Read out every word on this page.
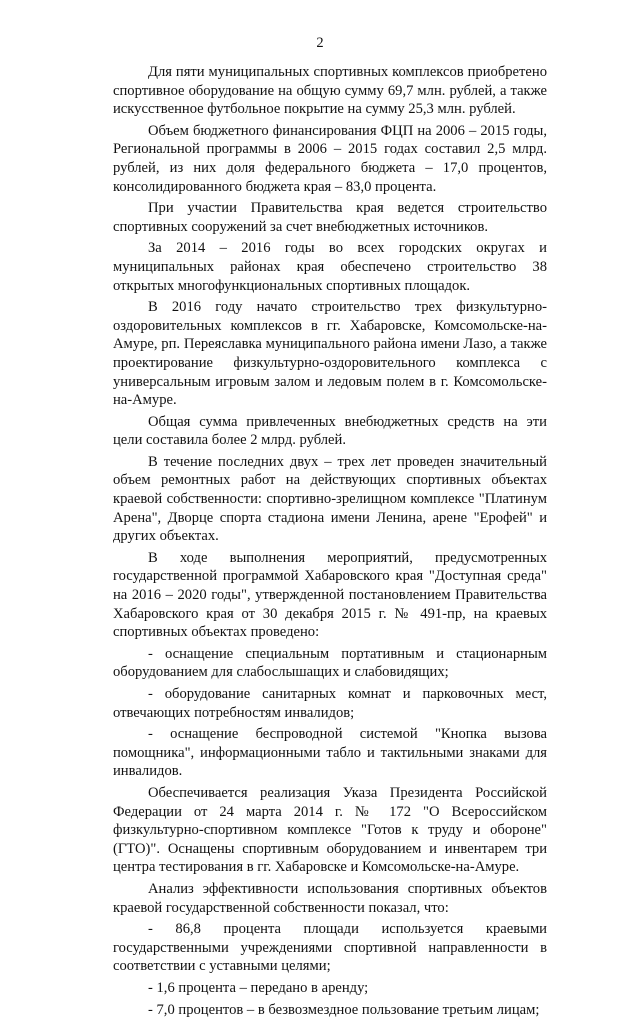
2

Для пяти муниципальных спортивных комплексов приобретено спортивное оборудование на общую сумму 69,7 млн. рублей, а также искусственное футбольное покрытие на сумму 25,3 млн. рублей.

Объем бюджетного финансирования ФЦП на 2006 – 2015 годы, Региональной программы в 2006 – 2015 годах составил 2,5 млрд. рублей, из них доля федерального бюджета – 17,0 процентов, консолидированного бюджета края – 83,0 процента.

При участии Правительства края ведется строительство спортивных сооружений за счет внебюджетных источников.

За 2014 – 2016 годы во всех городских округах и муниципальных районах края обеспечено строительство 38 открытых многофункциональных спортивных площадок.

В 2016 году начато строительство трех физкультурно-оздоровительных комплексов в гг. Хабаровске, Комсомольске-на-Амуре, рп. Переяславка муниципального района имени Лазо, а также проектирование физкультурно-оздоровительного комплекса с универсальным игровым залом и ледовым полем в г. Комсомольске-на-Амуре.

Общая сумма привлеченных внебюджетных средств на эти цели составила более 2 млрд. рублей.

В течение последних двух – трех лет проведен значительный объем ремонтных работ на действующих спортивных объектах краевой собственности: спортивно-зрелищном комплексе "Платинум Арена", Дворце спорта стадиона имени Ленина, арене "Ерофей" и других объектах.

В ходе выполнения мероприятий, предусмотренных государственной программой Хабаровского края "Доступная среда" на 2016 – 2020 годы", утвержденной постановлением Правительства Хабаровского края от 30 декабря 2015 г. № 491-пр, на краевых спортивных объектах проведено:

- оснащение специальным портативным и стационарным оборудованием для слабослышащих и слабовидящих;

- оборудование санитарных комнат и парковочных мест, отвечающих потребностям инвалидов;

- оснащение беспроводной системой "Кнопка вызова помощника", информационными табло и тактильными знаками для инвалидов.

Обеспечивается реализация Указа Президента Российской Федерации от 24 марта 2014 г. № 172 "О Всероссийском физкультурно-спортивном комплексе "Готов к труду и обороне" (ГТО)". Оснащены спортивным оборудованием и инвентарем три центра тестирования в гг. Хабаровске и Комсомольске-на-Амуре.

Анализ эффективности использования спортивных объектов краевой государственной собственности показал, что:

- 86,8 процента площади используется краевыми государственными учреждениями спортивной направленности в соответствии с уставными целями;

- 1,6 процента – передано в аренду;

- 7,0 процентов – в безвозмездное пользование третьим лицам;
